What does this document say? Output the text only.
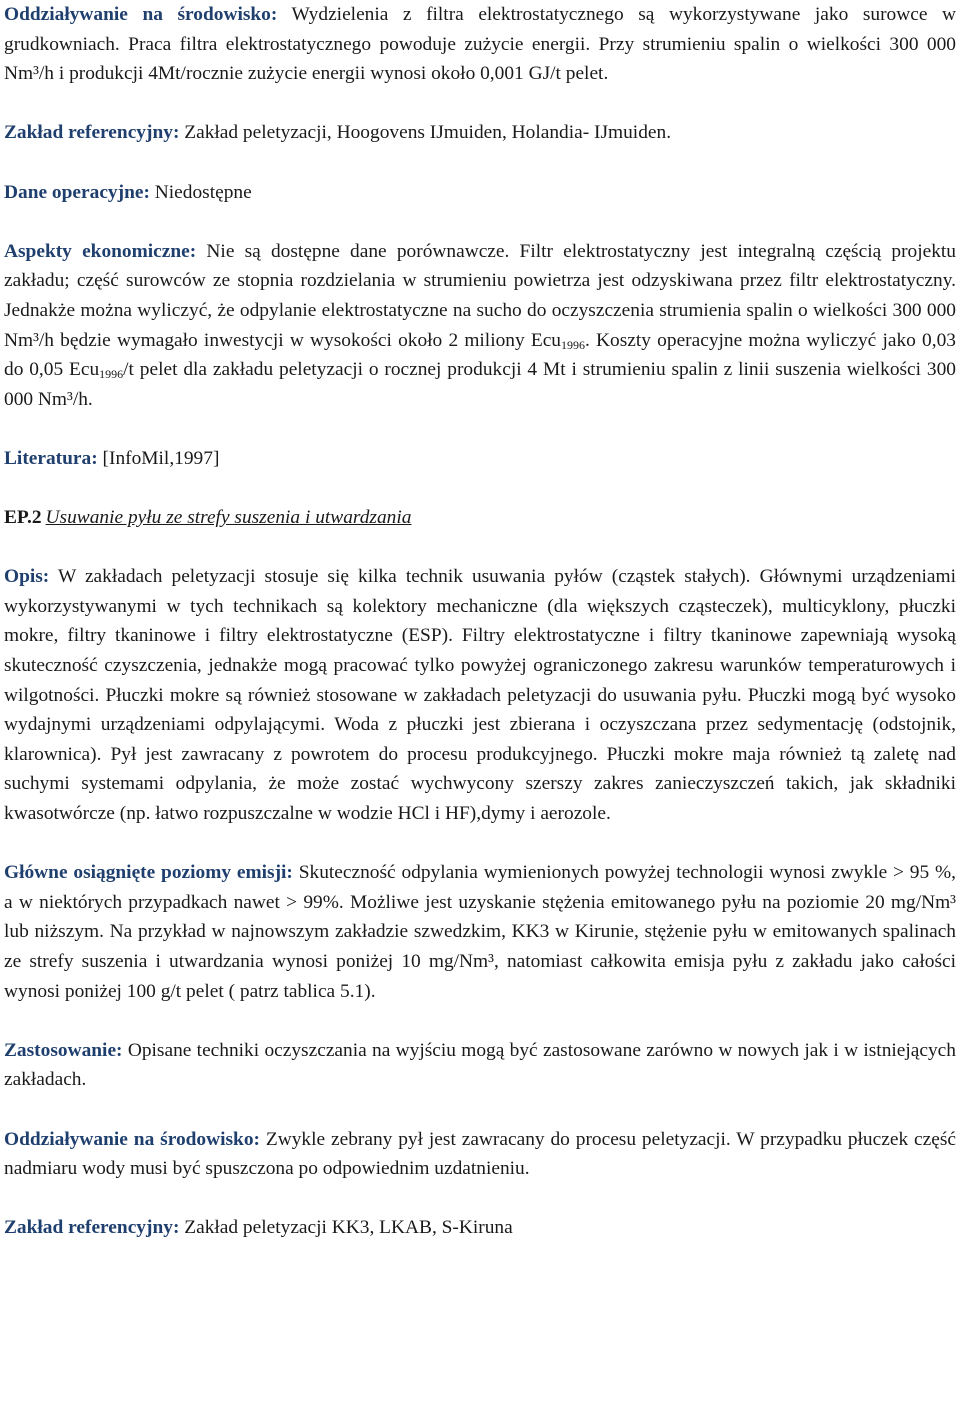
Oddziaływanie na środowisko: Wydzielenia z filtra elektrostatycznego są wykorzystywane jako surowce w grudkowniach. Praca filtra elektrostatycznego powoduje zużycie energii. Przy strumieniu spalin o wielkości 300 000 Nm³/h i produkcji 4Mt/rocznie zużycie energii wynosi około 0,001 GJ/t pelet.

Zakład referencyjny: Zakład peletyzacji, Hoogovens IJmuiden, Holandia- IJmuiden.

Dane operacyjne: Niedostępne

Aspekty ekonomiczne: Nie są dostępne dane porównawcze. Filtr elektrostatyczny jest integralną częścią projektu zakładu; część surowców ze stopnia rozdzielania w strumieniu powietrza jest odzyskiwana przez filtr elektrostatyczny. Jednakże można wyliczyć, że odpylanie elektrostatyczne na sucho do oczyszczenia strumienia spalin o wielkości 300 000 Nm³/h będzie wymagało inwestycji w wysokości około 2 miliony Ecu$_{1996}$. Koszty operacyjne można wyliczyć jako 0,03 do 0,05 Ecu$_{1996}$/t pelet dla zakładu peletyzacji o rocznej produkcji 4 Mt i strumieniu spalin z linii suszenia wielkości 300 000 Nm³/h.

Literatura: [InfoMil,1997]

EP.2 Usuwanie pyłu ze strefy suszenia i utwardzania

Opis: W zakładach peletyzacji stosuje się kilka technik usuwania pyłów (cząstek stałych). Głównymi urządzeniami wykorzystywanymi w tych technikach są kolektory mechaniczne (dla większych cząsteczek), multicyklony, płuczki mokre, filtry tkaninowe i filtry elektrostatyczne (ESP). Filtry elektrostatyczne i filtry tkaninowe zapewniają wysoką skuteczność czyszczenia, jednakże mogą pracować tylko powyżej ograniczonego zakresu warunków temperaturowych i wilgotności. Płuczki mokre są również stosowane w zakładach peletyzacji do usuwania pyłu. Płuczki mogą być wysoko wydajnymi urządzeniami odpylającymi. Woda z płuczki jest zbierana i oczyszczana przez sedymentację (odstojnik, klarownica). Pył jest zawracany z powrotem do procesu produkcyjnego. Płuczki mokre maja również tą zaletę nad suchymi systemami odpylania, że może zostać wychwycony szerszy zakres zanieczyszczeń takich, jak składniki kwasotwórcze (np. łatwo rozpuszczalne w wodzie HCl i HF),dymy i aerozole.

Główne osiągnięte poziomy emisji: Skuteczność odpylania wymienionych powyżej technologii wynosi zwykle > 95 %, a w niektórych przypadkach nawet > 99%. Możliwe jest uzyskanie stężenia emitowanego pyłu na poziomie 20 mg/Nm³ lub niższym. Na przykład w najnowszym zakładzie szwedzkim, KK3 w Kirunie, stężenie pyłu w emitowanych spalinach ze strefy suszenia i utwardzania wynosi poniżej 10 mg/Nm³, natomiast całkowita emisja pyłu z zakładu jako całości wynosi poniżej 100 g/t pelet ( patrz tablica 5.1).

Zastosowanie: Opisane techniki oczyszczania na wyjściu mogą być zastosowane zarówno w nowych jak i w istniejących zakładach.

Oddziaływanie na środowisko: Zwykle zebrany pył jest zawracany do procesu peletyzacji. W przypadku płuczek część nadmiaru wody musi być spuszczona po odpowiednim uzdatnieniu.

Zakład referencyjny: Zakład peletyzacji KK3, LKAB, S-Kiruna
